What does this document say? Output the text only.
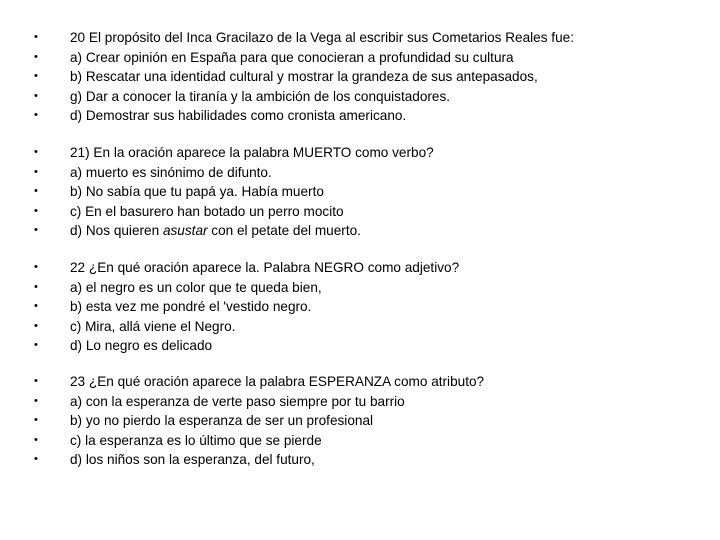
•	20 El propósito del Inca Gracilazo de la Vega al escribir sus Cometarios Reales fue:
•	a) Crear opinión en España para que conocieran a profundidad su cultura
•	b) Rescatar una identidad cultural y mostrar la grandeza de sus antepasados,
•	g) Dar a conocer la tiranía y la ambición de los conquistadores.
•	d) Demostrar sus habilidades como cronista americano.
•	21) En la oración aparece la palabra MUERTO como verbo?
•	a) muerto es sinónimo de difunto.
•	b) No sabía que tu papá ya. Había muerto
•	c) En el basurero han botado un perro mocito
•	d) Nos quieren asustar con el petate del muerto.
•	22 ¿En qué oración aparece la. Palabra NEGRO como adjetivo?
•	a) el negro es un color que te queda bien,
•	b) esta vez me pondré el 'vestido negro.
•	c) Mira, allá viene el Negro.
•	d) Lo negro es delicado
•	23 ¿En qué oración aparece la palabra ESPERANZA como atributo?
•	a) con la esperanza de verte paso siempre por tu barrio
•	b) yo no pierdo la esperanza de ser un profesional
•	c) la esperanza es lo último que se pierde
•	d) los niños son la esperanza, del futuro,
